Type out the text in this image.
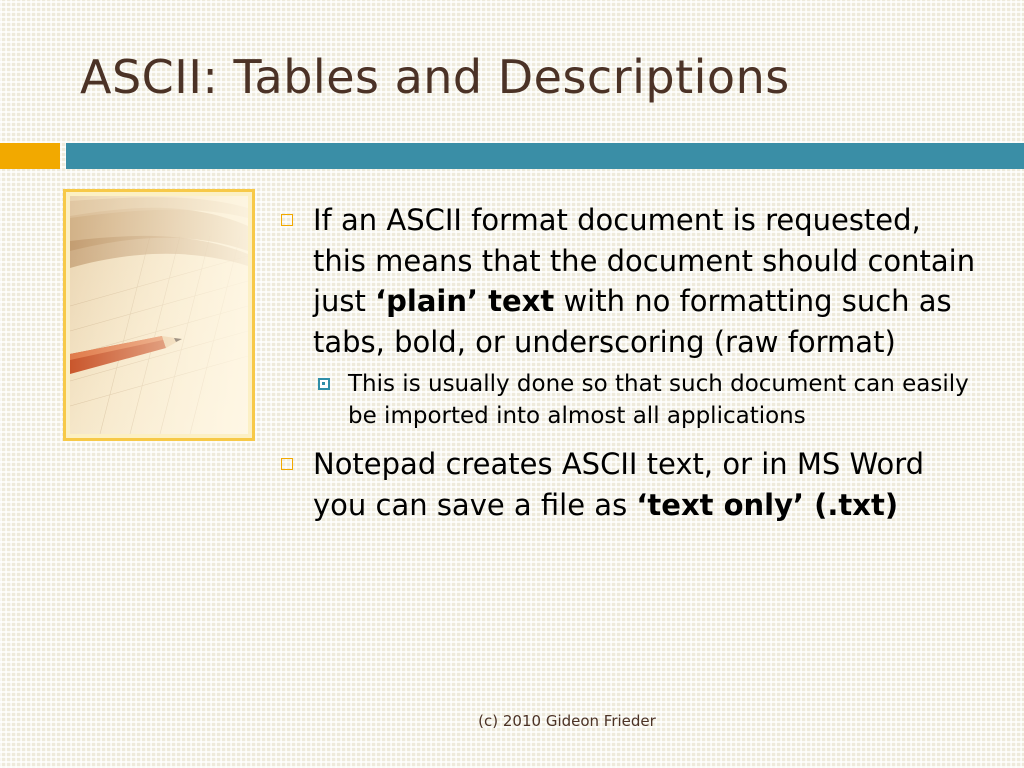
ASCII: Tables and Descriptions
If an ASCII format document is requested, this means that the document should contain just ‘plain’ text with no formatting such as tabs, bold, or underscoring (raw format)
This is usually done so that such document can easily be imported into almost all applications
Notepad creates ASCII text, or in MS Word you can save a file as ‘text only’ (.txt)
(c) 2010 Gideon Frieder
